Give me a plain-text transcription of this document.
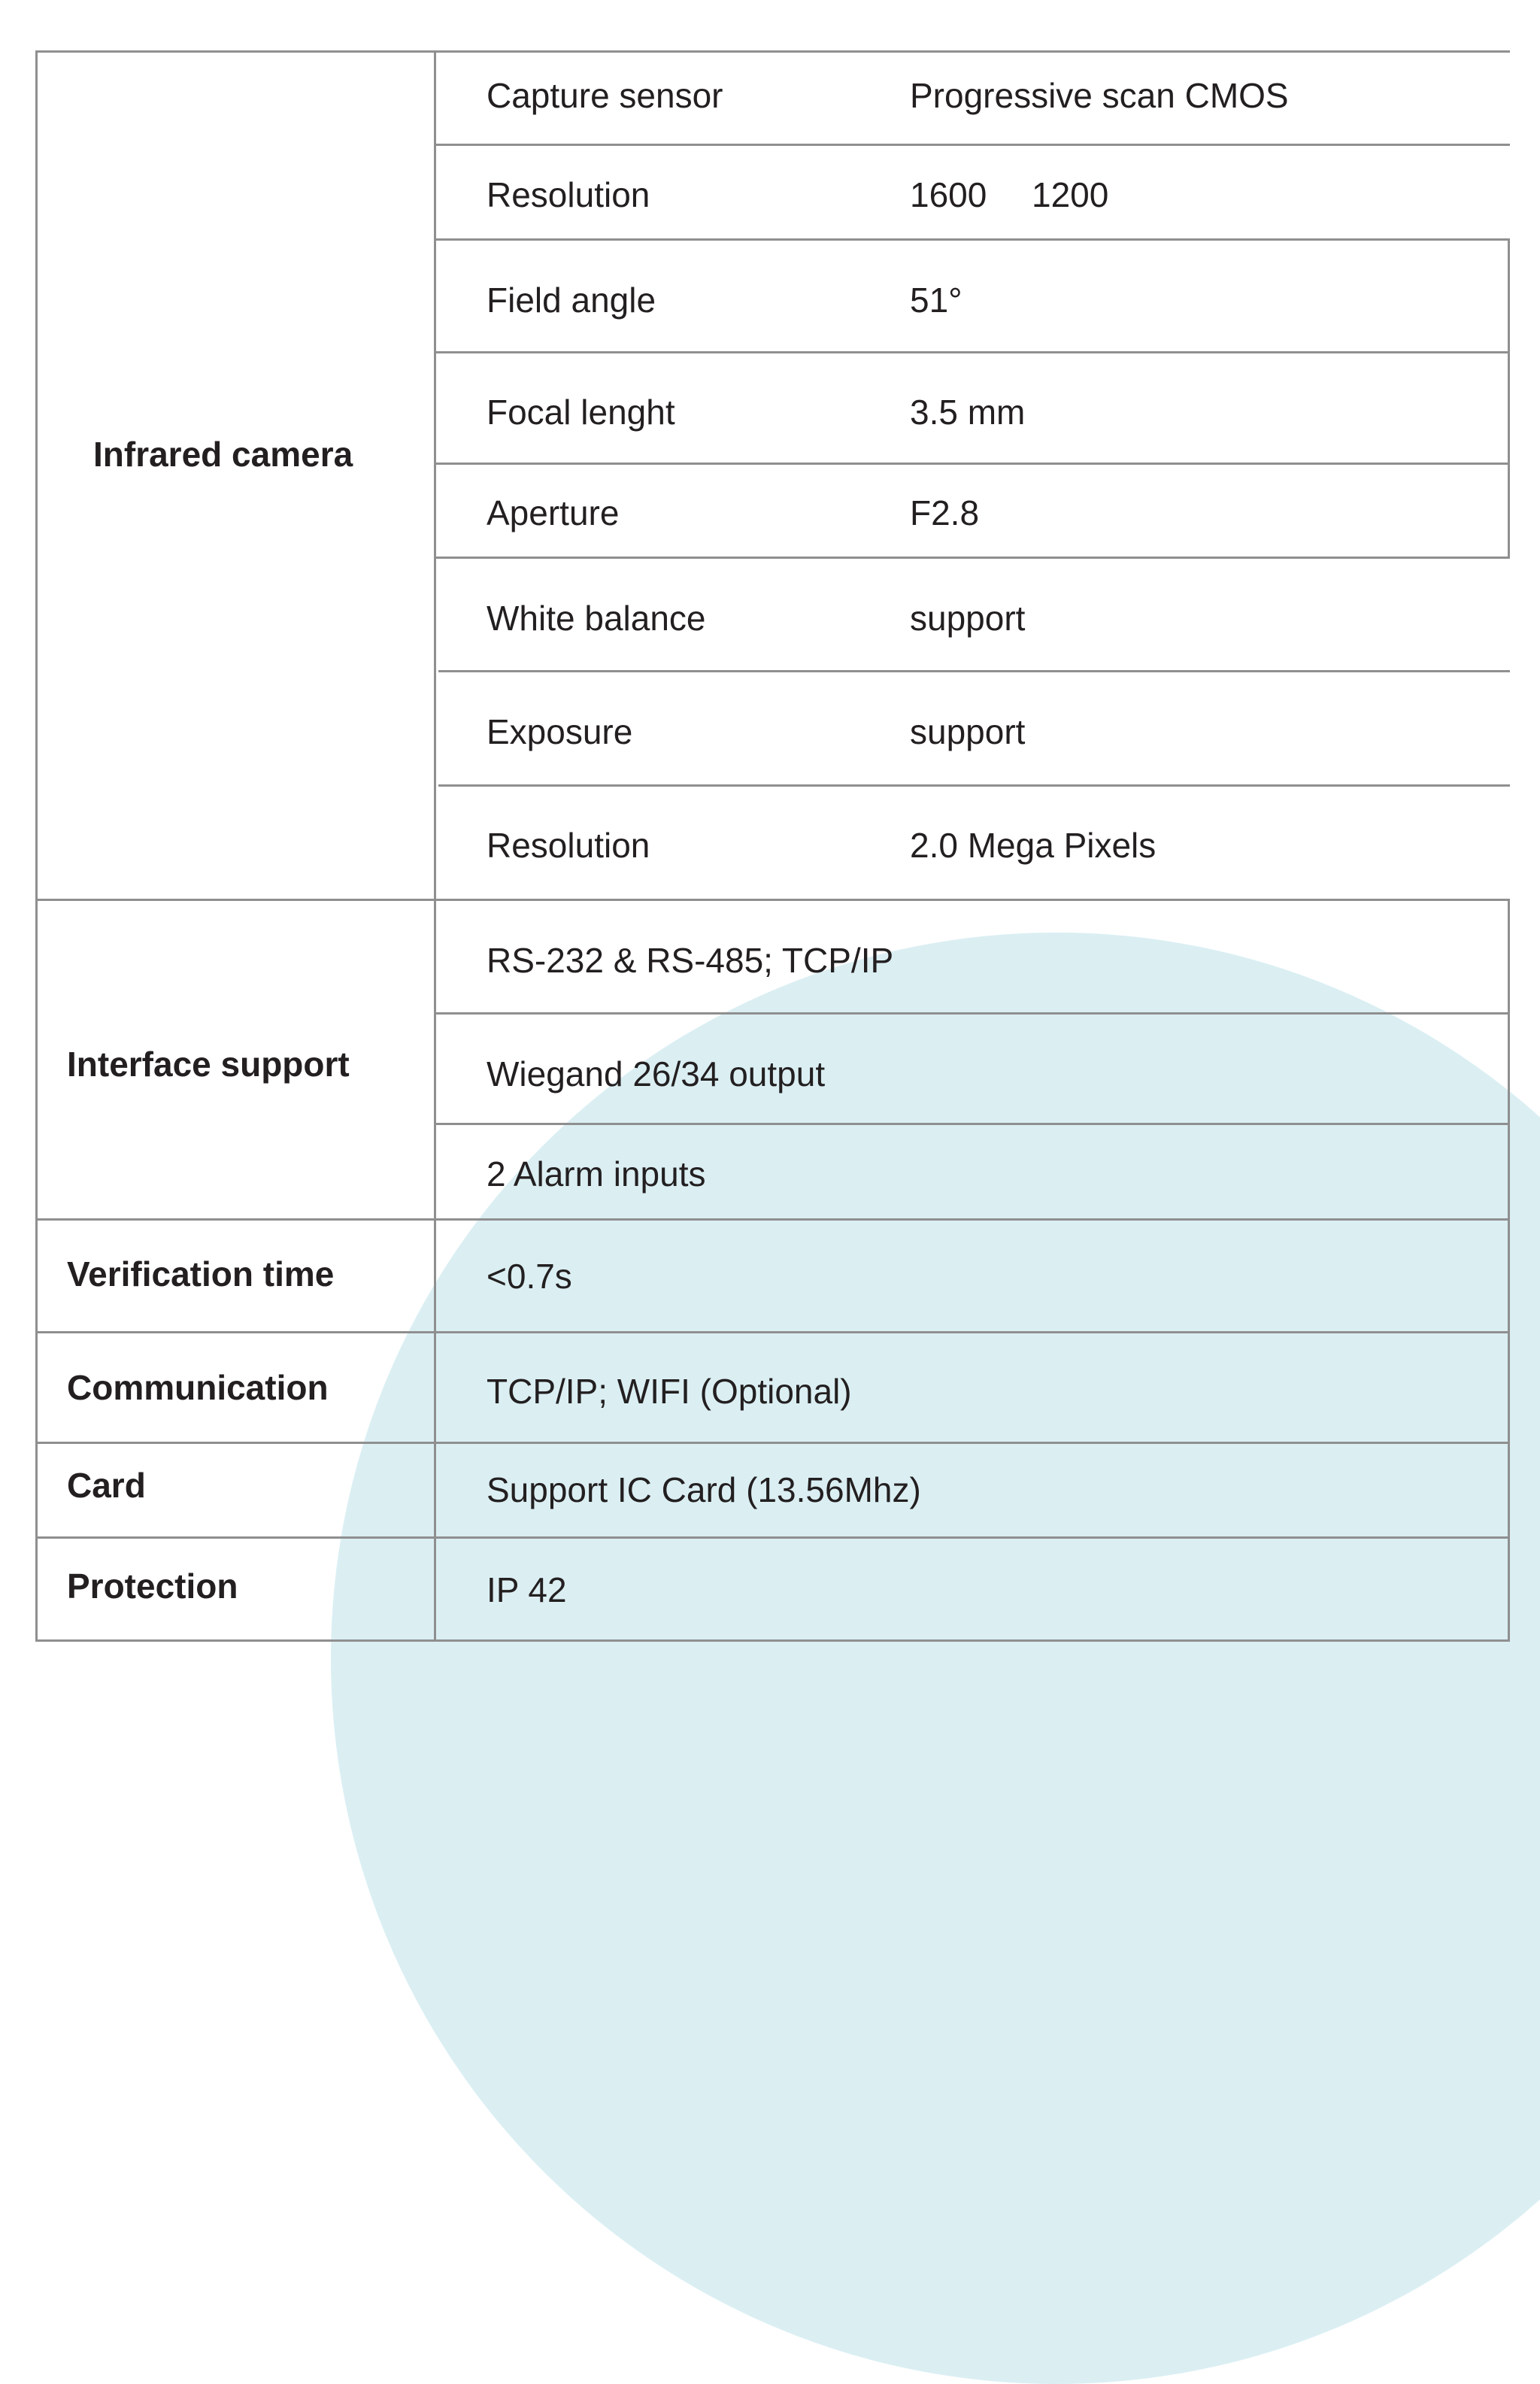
Infrared camera
Capture sensor	Progressive scan CMOS
Resolution	1600 1200
Field angle	51°
Focal lenght	3.5 mm
Aperture	F2.8
White balance	support
Exposure	support
Resolution	2.0 Mega Pixels
Interface support
RS-232 & RS-485; TCP/IP
Wiegand 26/34 output
2 Alarm inputs
Verification time	<0.7s
Communication	TCP/IP; WIFI (Optional)
Card	Support IC Card (13.56Mhz)
Protection	IP 42
